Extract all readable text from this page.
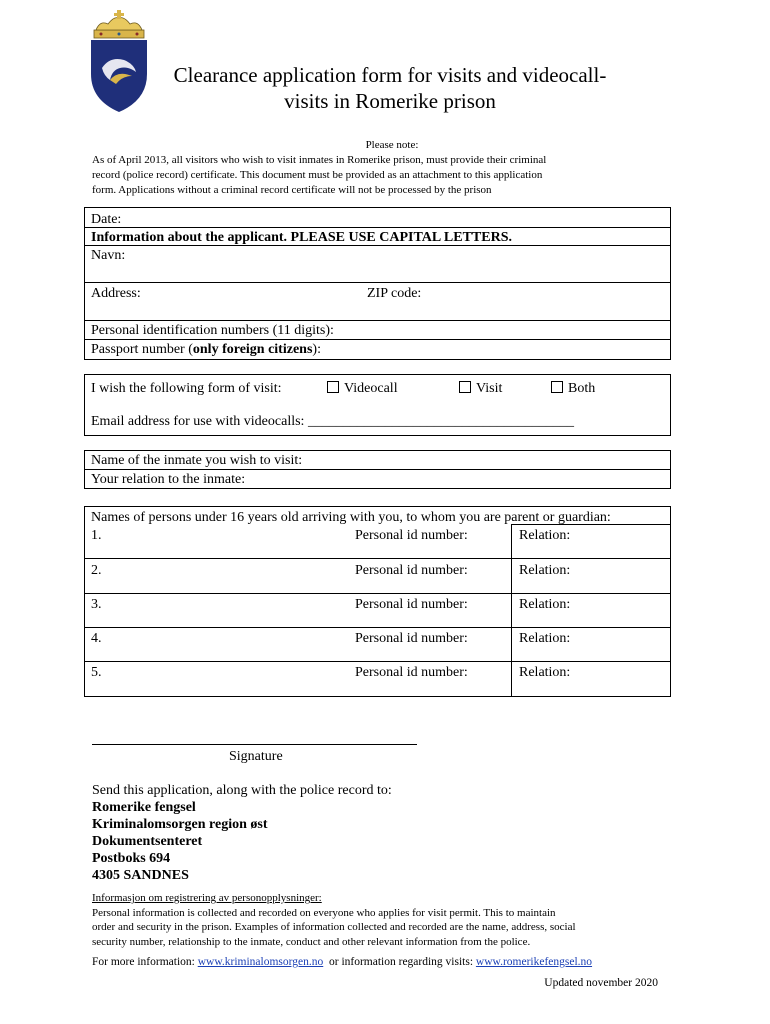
Clearance application form for visits and videocall-
visits in Romerike prison
Please note:
As of April 2013, all visitors who wish to visit inmates in Romerike prison, must provide their criminal
record (police record) certificate. This document must be provided as an attachment to this application
form. Applications without a criminal record certificate will not be processed by the prison
Date:
Information about the applicant. PLEASE USE CAPITAL LETTERS.
Navn:
Address:	ZIP code:
Personal identification numbers (11 digits):
Passport number (only foreign citizens):
I wish the following form of visit:	Videocall	Visit	Both
Email address for use with videocalls: ______________________________________
Name of the inmate you wish to visit:
Your relation to the inmate:
Names of persons under 16 years old arriving with you, to whom you are parent or guardian:
1.	Personal id number:	Relation:
2.	Personal id number:	Relation:
3.	Personal id number:	Relation:
4.	Personal id number:	Relation:
5.	Personal id number:	Relation:
Signature
Send this application, along with the police record to:
Romerike fengsel
Kriminalomsorgen region øst
Dokumentsenteret
Postboks 694
4305 SANDNES
Informasjon om registrering av personopplysninger:
Personal information is collected and recorded on everyone who applies for visit permit. This to maintain
order and security in the prison. Examples of information collected and recorded are the name, address, social
security number, relationship to the inmate, conduct and other relevant information from the police.
For more information: www.kriminalomsorgen.no  or information regarding visits: www.romerikefengsel.no
Updated november 2020
